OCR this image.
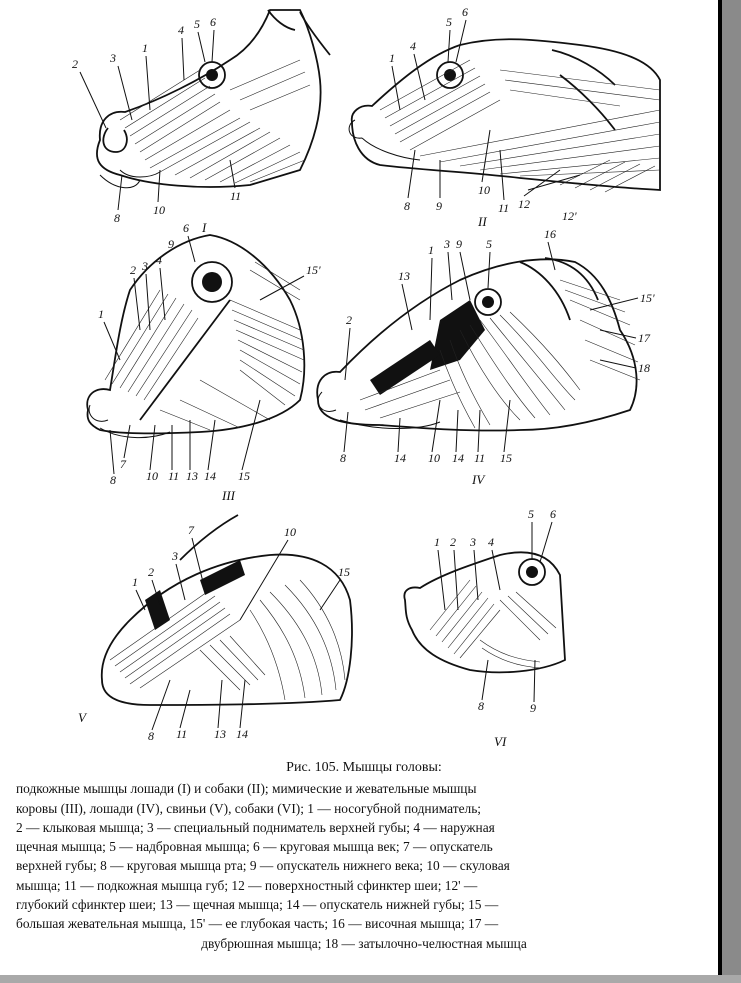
2	3
1
4 5 6
8
10
11
I
1
4
5
6
8 9
10
11 12
12'
II
1
2 3 4
6
7
8
9
10 11 13 14 15
15'
III
1
2
3	5
8
9
10	11
13
14	14	15
15'
16
17
18
IV
1
2
3
7
8
10
11 13 14
15
V
1 2 3 4
5 6
8	9
VI
Рис. 105. Мышцы головы:
подкожные мышцы лошади (I) и собаки (II); мимические и жевательные мышцы
коровы (III), лошади (IV), свиньи (V), собаки (VI); 1 — носогубной подниматель;
2 — клыковая мышца; 3 — специальный подниматель верхней губы; 4 — наружная
щечная мышца; 5 — надбровная мышца; 6 — круговая мышца век; 7 — опускатель
верхней губы; 8 — круговая мышца рта; 9 — опускатель нижнего века; 10 — скуловая
мышца; 11 — подкожная мышца губ; 12 — поверхностный сфинктер шеи; 12' —
глубокий сфинктер шеи; 13 — щечная мышца; 14 — опускатель нижней губы; 15 —
большая жевательная мышца, 15' — ее глубокая часть; 16 — височная мышца; 17 —
двубрюшная мышца; 18 — затылочно-челюстная мышца
